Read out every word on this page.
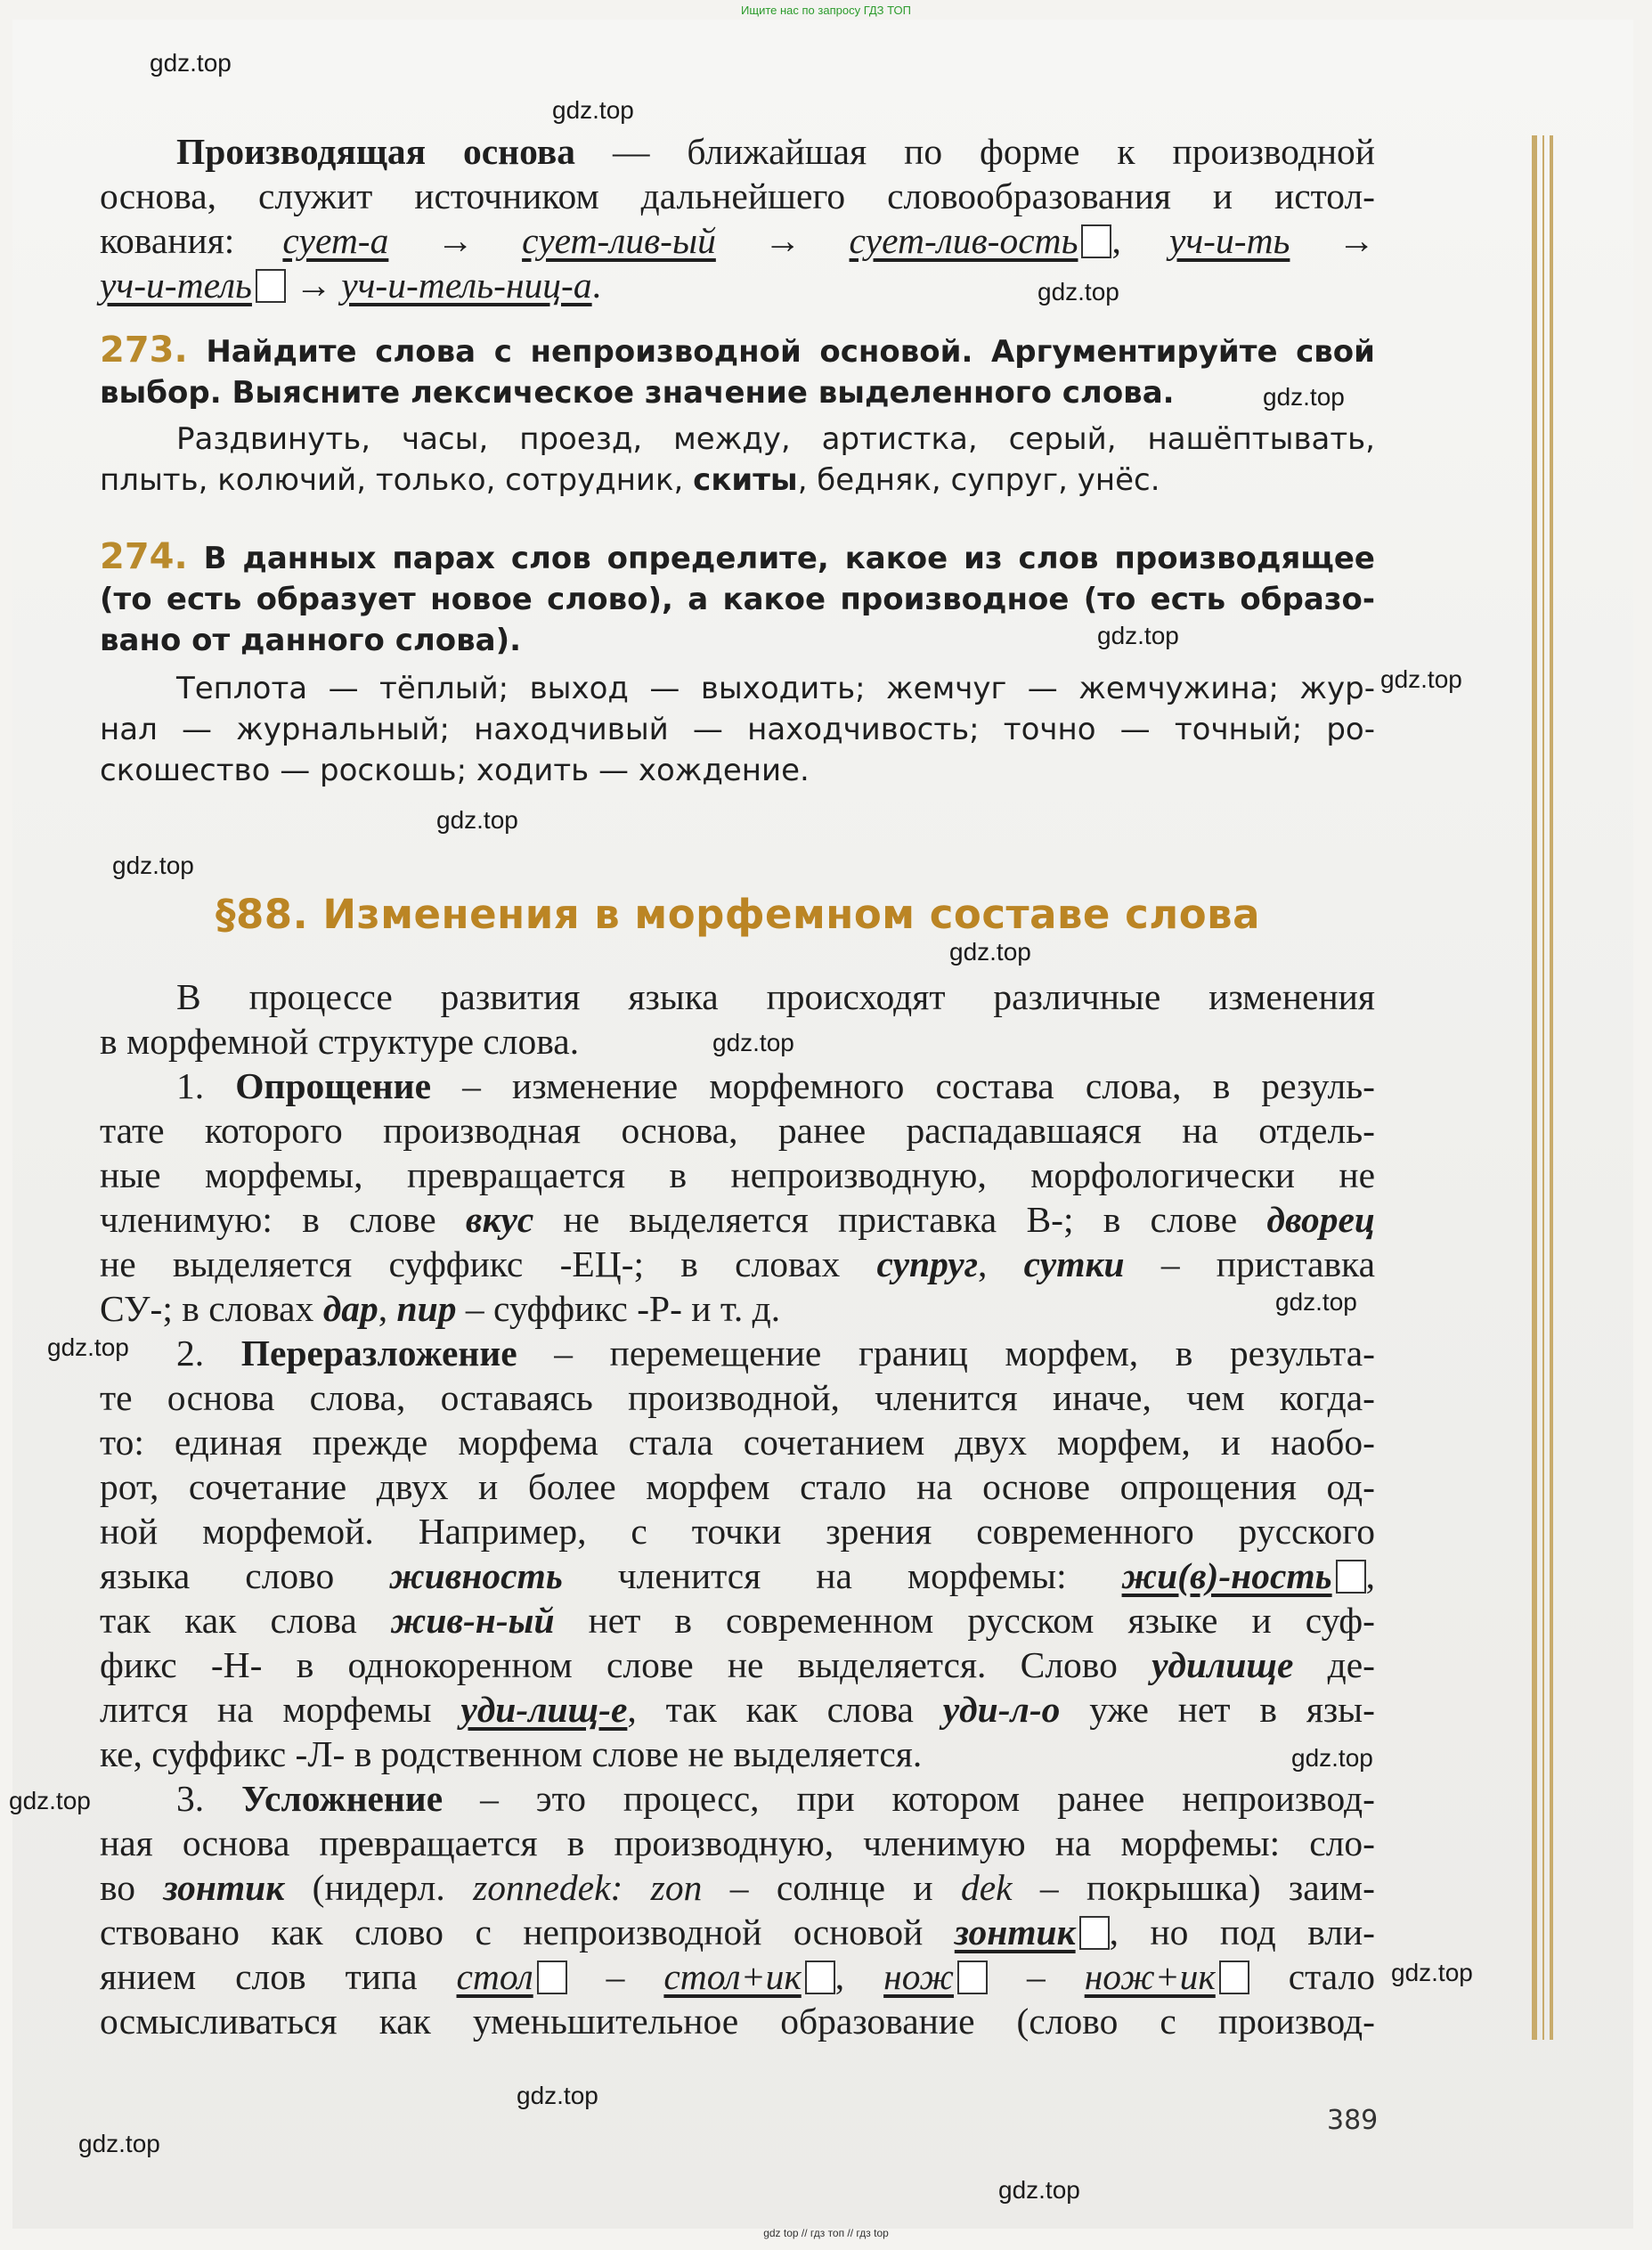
Ищите нас по запросу ГДЗ ТОП
Производящая основа — ближайшая по форме к производной
основа, служит источником дальнейшего словообразования и истол-
кования: сует-а → сует-лив-ый → сует-лив-ость , уч-и-ть →
уч-и-тель → уч-и-тель-ниц-а.
273. Найдите слова с непроизводной основой. Аргументируйте свой
выбор. Выясните лексическое значение выделенного слова.
Раздвинуть, часы, проезд, между, артистка, серый, нашёптывать,
плыть, колючий, только, сотрудник, скиты, бедняк, супруг, унёс.
274. В данных парах слов определите, какое из слов производящее
(то есть образует новое слово), а какое производное (то есть образо-
вано от данного слова).
Теплота — тёплый; выход — выходить; жемчуг — жемчужина; жур-
нал — журнальный; находчивый — находчивость; точно — точный; ро-
скошество — роскошь; ходить — хождение.
§88. Изменения в морфемном составе слова
В процессе развития языка происходят различные изменения
в морфемной структуре слова.
1. Опрощение – изменение морфемного состава слова, в резуль-
тате которого производная основа, ранее распадавшаяся на отдель-
ные морфемы, превращается в непроизводную, морфологически не
членимую: в слове вкус не выделяется приставка В-; в слове дворец
не выделяется суффикс -ЕЦ-; в словах супруг, сутки – приставка
СУ-; в словах дар, пир – суффикс -Р- и т. д.
2. Переразложение – перемещение границ морфем, в результа-
те основа слова, оставаясь производной, членится иначе, чем когда-
то: единая прежде морфема стала сочетанием двух морфем, и наобо-
рот, сочетание двух и более морфем стало на основе опрощения од-
ной морфемой. Например, с точки зрения современного русского
языка слово живность членится на морфемы: жи(в)-ность ,
так как слова жив-н-ый нет в современном русском языке и суф-
фикс -Н- в однокоренном слове не выделяется. Слово удилище де-
лится на морфемы уди-лищ-е, так как слова уди-л-о уже нет в язы-
ке, суффикс -Л- в родственном слове не выделяется.
3. Усложнение – это процесс, при котором ранее непроизвод-
ная основа превращается в производную, членимую на морфемы: сло-
во зонтик (нидерл. zonnedek: zon – солнце и dek – покрышка) заим-
ствовано как слово с непроизводной основой зонтик , но под вли-
янием слов типа стол – стол+ик , нож – нож+ик стало
осмысливаться как уменьшительное образование (слово с производ-
389
gdz.top
gdz.top
gdz.top
gdz.top
gdz.top
gdz.top
gdz.top
gdz.top
gdz.top
gdz.top
gdz.top
gdz.top
gdz.top
gdz.top
gdz.top
gdz.top
gdz.top
gdz.top
gdz top // гдз топ // гдз top
